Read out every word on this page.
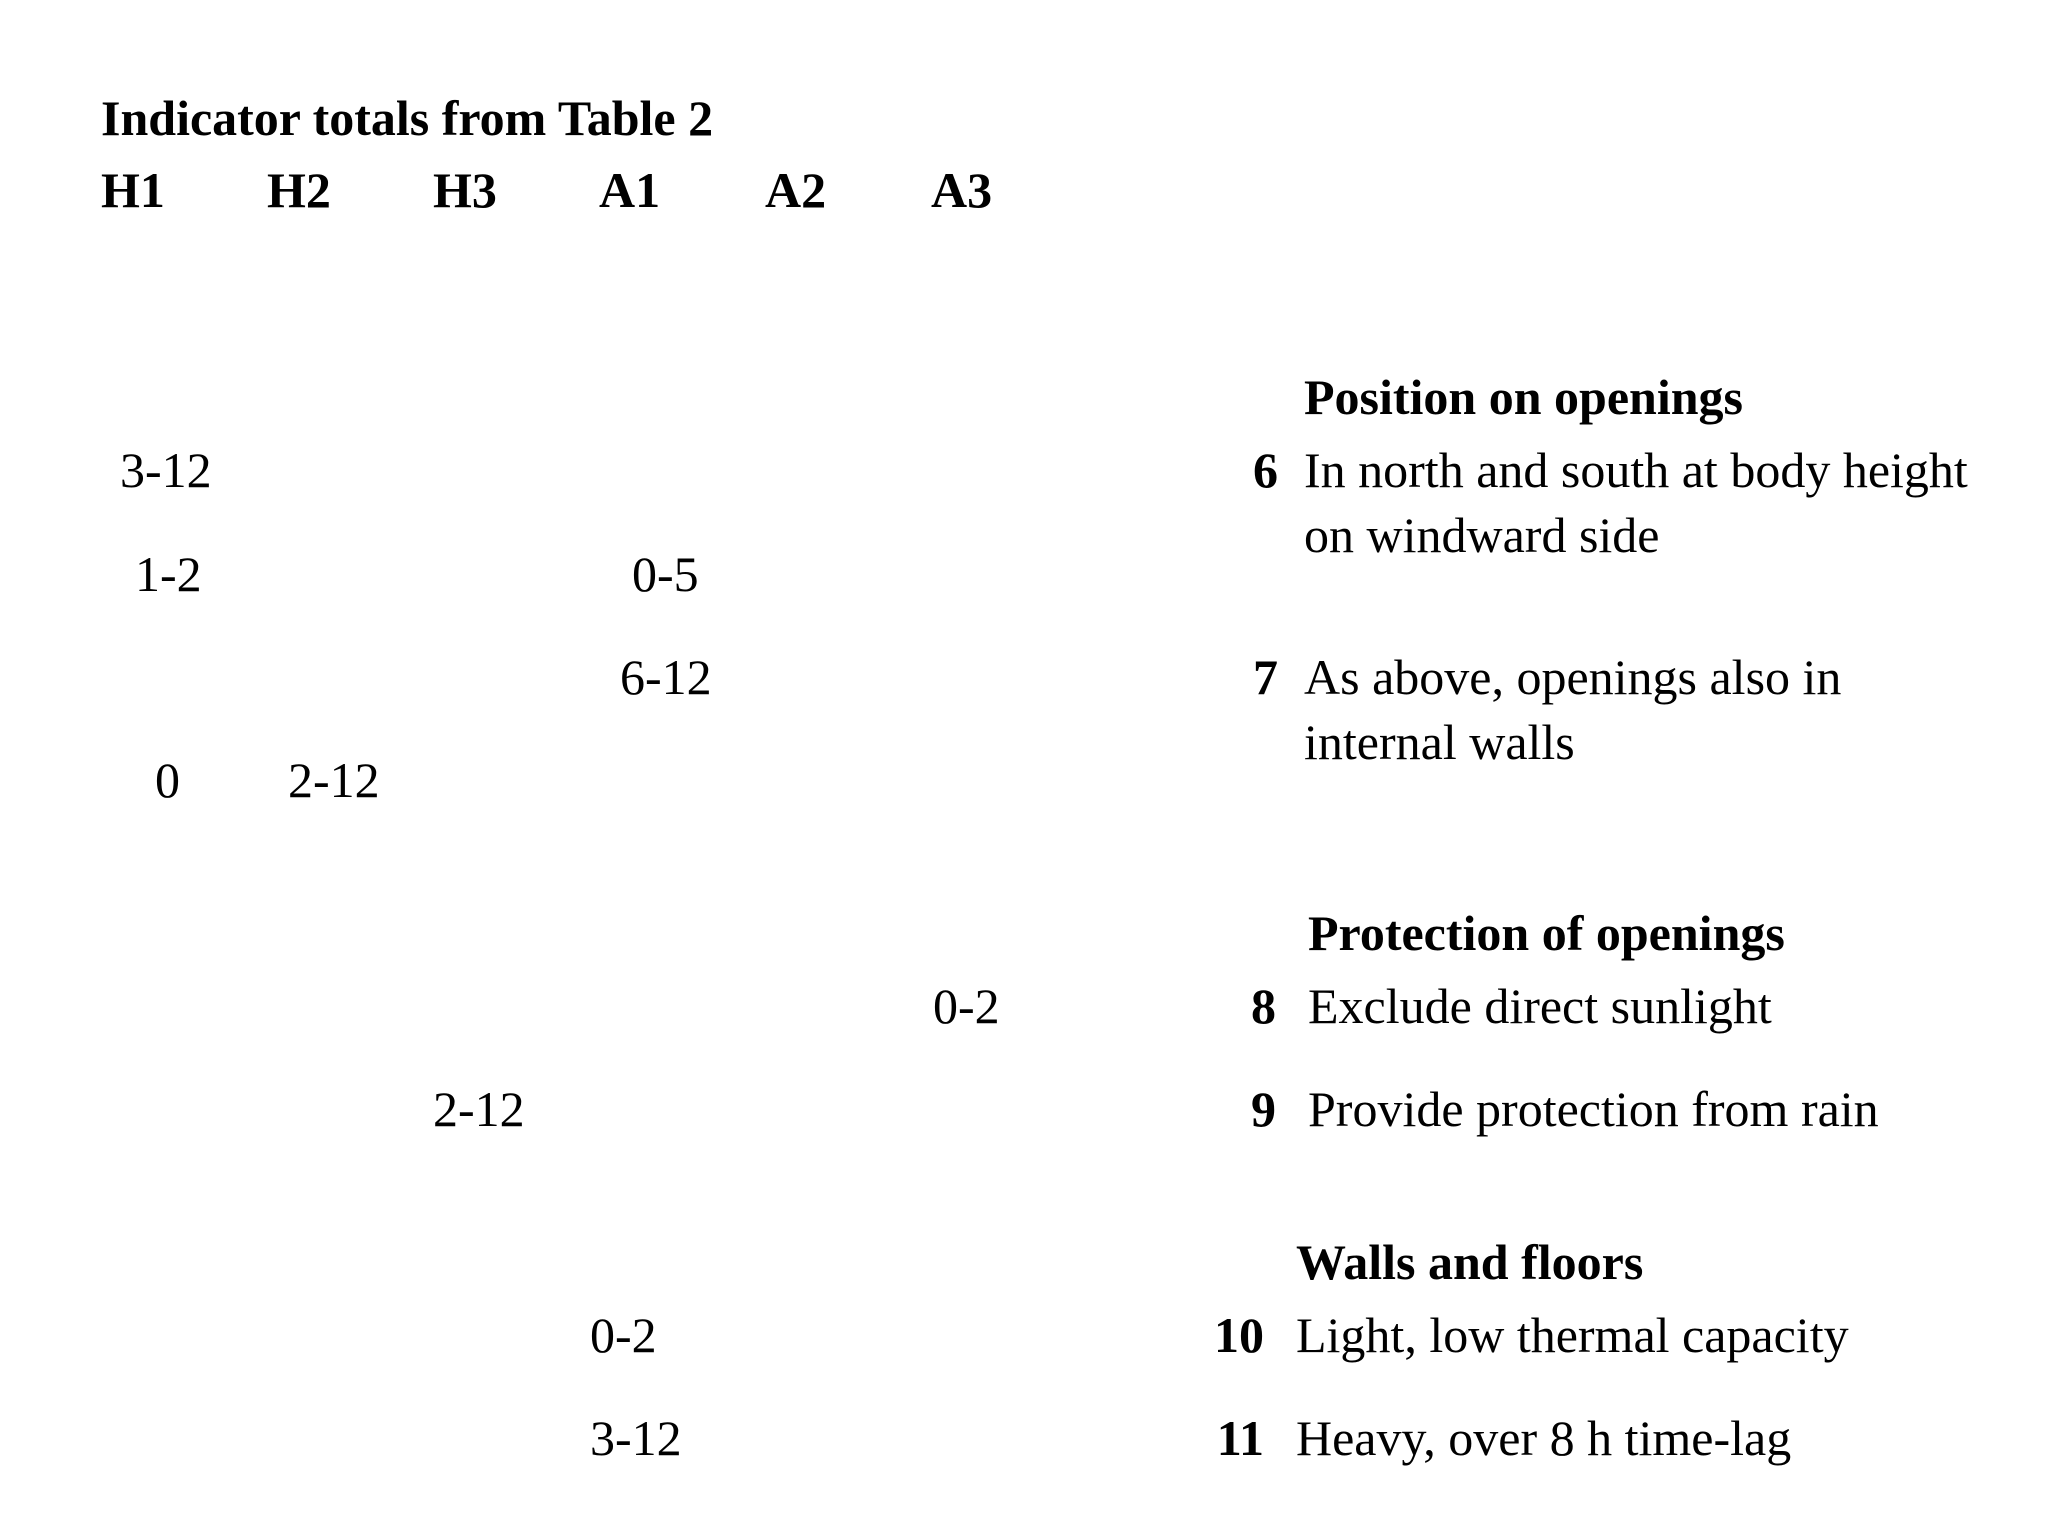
Indicator totals from Table 2
H1 H2 H3 A1 A2 A3
3-12
1-2	0-5
6-12
0 2-12
0-2
2-12
0-2
3-12
Position on openings
6 In north and south at body height
on windward side
7 As above, openings also in
internal walls
Protection of openings
8 Exclude direct sunlight
9 Provide protection from rain
Walls and floors
10 Light, low thermal capacity
11 Heavy, over 8 h time-lag
